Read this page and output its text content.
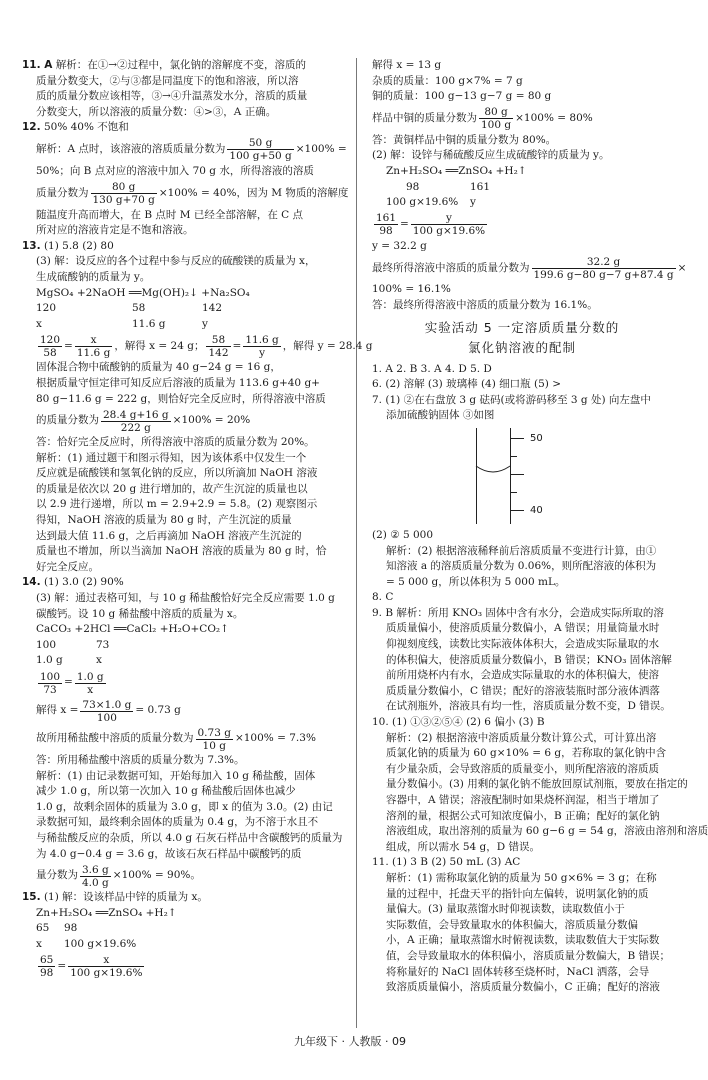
11. A 解析：在①→②过程中，氯化钠的溶解度不变，溶质的
质量分数变大，②与③都是同温度下的饱和溶液，所以溶
质的质量分数应该相等，③→④升温蒸发水分，溶质的质量
分数变大，所以溶液的质量分数：④>③，A 正确。
12. 50% 40% 不饱和
解析：A 点时，该溶液的溶质质量分数为 $\frac{50 g}{100 g+50 g} \times 100\%$ =
50%；向 B 点对应的溶液中加入 70 g 水，所得溶液的溶质
质量分数为 $\frac{80 g}{130 g+70 g} \times 100\% = 40\%$，因为 M 物质的溶解度
随温度升高而增大，在 B 点时 M 已经全部溶解，在 C 点
所对应的溶液肯定是不饱和溶液。
13. (1) 5.8 (2) 80
(3) 解：设反应的各个过程中参与反应的硫酸镁的质量为 x，
生成硫酸钠的质量为 y。
MgSO₄ +2NaOH ══Mg(OH)₂↓ +Na₂SO₄
120	58	142
x	11.6 g	y
$\frac{120}{58} = \frac{x}{11.6 g}$ ，解得 x = 24 g； $\frac{58}{142} = \frac{11.6 g}{y}$ ，解得 y = 28.4 g
固体混合物中硫酸钠的质量为 40 g−24 g = 16 g，
根据质量守恒定律可知反应后溶液的质量为 113.6 g+40 g+
80 g−11.6 g = 222 g，则恰好完全反应时，所得溶液中溶质
的质量分数为 $\frac{28.4 g+16 g}{222 g} \times 100\% = 20\%$
答：恰好完全反应时，所得溶液中溶质的质量分数为 20%。
解析：(1) 通过题干和图示得知，因为该体系中仅发生一个
反应就是硫酸镁和氢氧化钠的反应，所以所滴加 NaOH 溶液
的质量是依次以 20 g 进行增加的，故产生沉淀的质量也以
以 2.9 进行递增，所以 m = 2.9+2.9 = 5.8。(2) 观察图示
得知，NaOH 溶液的质量为 80 g 时，产生沉淀的质量
达到最大值 11.6 g，之后再滴加 NaOH 溶液产生沉淀的
质量也不增加，所以当滴加 NaOH 溶液的质量为 80 g 时，恰
好完全反应。
14. (1) 3.0 (2) 90%
(3) 解：通过表格可知，与 10 g 稀盐酸恰好完全反应需要 1.0 g
碳酸钙。设 10 g 稀盐酸中溶质的质量为 x。
CaCO₃ +2HCl ══CaCl₂ +H₂O+CO₂↑
100	73
1.0 g	x
$\frac{100}{73} = \frac{1.0 g}{x}$
解得 $x = \frac{73\times 1.0 g}{100} = 0.73$ g
故所用稀盐酸中溶质的质量分数为 $\frac{0.73 g}{10 g} \times 100\% = 7.3\%$
答：所用稀盐酸中溶质的质量分数为 7.3%。
解析：(1) 由记录数据可知，开始每加入 10 g 稀盐酸，固体
减少 1.0 g，所以第一次加入 10 g 稀盐酸后固体也减少
1.0 g，故剩余固体的质量为 3.0 g，即 x 的值为 3.0。(2) 由记
录数据可知，最终剩余固体的质量为 0.4 g，为不溶于水且不
与稀盐酸反应的杂质，所以 4.0 g 石灰石样品中含碳酸钙的质量为
为 4.0 g−0.4 g = 3.6 g，故该石灰石样品中碳酸钙的质
量分数为 $\frac{3.6 g}{4.0 g} \times 100\% = 90\%$。
15. (1) 解：设该样品中锌的质量为 x。
Zn+H₂SO₄ ══ZnSO₄ +H₂↑
65 98
x 100 g×19.6%
$\frac{65}{98} = \frac{x}{100 g\times 19.6\%}$
解得 x = 13 g
杂质的质量：100 g×7% = 7 g
铜的质量：100 g−13 g−7 g = 80 g
样品中铜的质量分数为 $\frac{80 g}{100 g} \times 100\% = 80\%$
答：黄铜样品中铜的质量分数为 80%。
(2) 解：设锌与稀硫酸反应生成硫酸锌的质量为 y。
Zn+H₂SO₄ ══ZnSO₄ +H₂↑
98	161
100 g×19.6% y
$\frac{161}{98} = \frac{y}{100 g\times 19.6\%}$
y = 32.2 g
最终所得溶液中溶质的质量分数为 $\frac{32.2 g}{199.6 g-80 g-7 g+87.4 g}$ ×
100% = 16.1%
答：最终所得溶液中溶质的质量分数为 16.1%。
实验活动 5 一定溶质质量分数的
氯化钠溶液的配制
1. A 2. B 3. A 4. D 5. D
6. (2) 溶解 (3) 玻璃棒 (4) 细口瓶 (5) >
7. (1) ②在右盘放 3 g 砝码(或将游码移至 3 g 处) 向左盘中
添加硫酸钠固体 ③如图
50
40
(2) ② 5 000
解析：(2) 根据溶液稀释前后溶质质量不变进行计算，由①
知溶液 a 的溶质质量分数为 0.06%，则所配溶液的体积为
= 5 000 g，所以体积为 5 000 mL。
8. C
9. B 解析：所用 KNO₃ 固体中含有水分，会造成实际所取的溶
质质量偏小，使溶质质量分数偏小，A 错误；用量筒量水时
仰视刻度线，读数比实际液体体积大，会造成实际量取的水
的体积偏大，使溶质质量分数偏小，B 错误；KNO₃ 固体溶解
前所用烧杯内有水，会造成实际量取的水的体积偏大，使溶
质质量分数偏小，C 错误；配好的溶液装瓶时部分液体洒落
在试剂瓶外，溶液具有均一性，溶质质量分数不变，D 错误。
10. (1) ①③②⑤④ (2) 6 偏小 (3) B
解析：(2) 根据溶液中溶质质量分数计算公式，可计算出溶
质氯化钠的质量为 60 g×10% = 6 g，若称取的氯化钠中含
有少量杂质，会导致溶质的质量变小，则所配溶液的溶质质
量分数偏小。(3) 用剩的氯化钠不能放回原试剂瓶，要放在指定的
容器中，A 错误；溶液配制时如果烧杯润湿，相当于增加了
溶剂的量，根据公式可知浓度偏小，B 正确；配好的氯化钠
溶液组成，取出溶剂的质量为 60 g−6 g = 54 g，溶液由溶剂和溶质
组成，所以需水 54 g，D 错误。
11. (1) 3 B (2) 50 mL (3) AC
解析：(1) 需称取氯化钠的质量为 50 g×6% = 3 g；在称
量的过程中，托盘天平的指针向左偏转，说明氯化钠的质
量偏大。(3) 量取蒸馏水时仰视读数，读取数值小于
实际数值，会导致量取水的体积偏大，溶质质量分数偏
小，A 正确；量取蒸馏水时俯视读数，读取数值大于实际数
值，会导致量取水的体积偏小，溶质质量分数偏大，B 错误；
将称量好的 NaCl 固体转移至烧杯时，NaCl 洒落，会导
致溶质质量偏小，溶质质量分数偏小，C 正确；配好的溶液
九年级下 · 人教版 · 09
